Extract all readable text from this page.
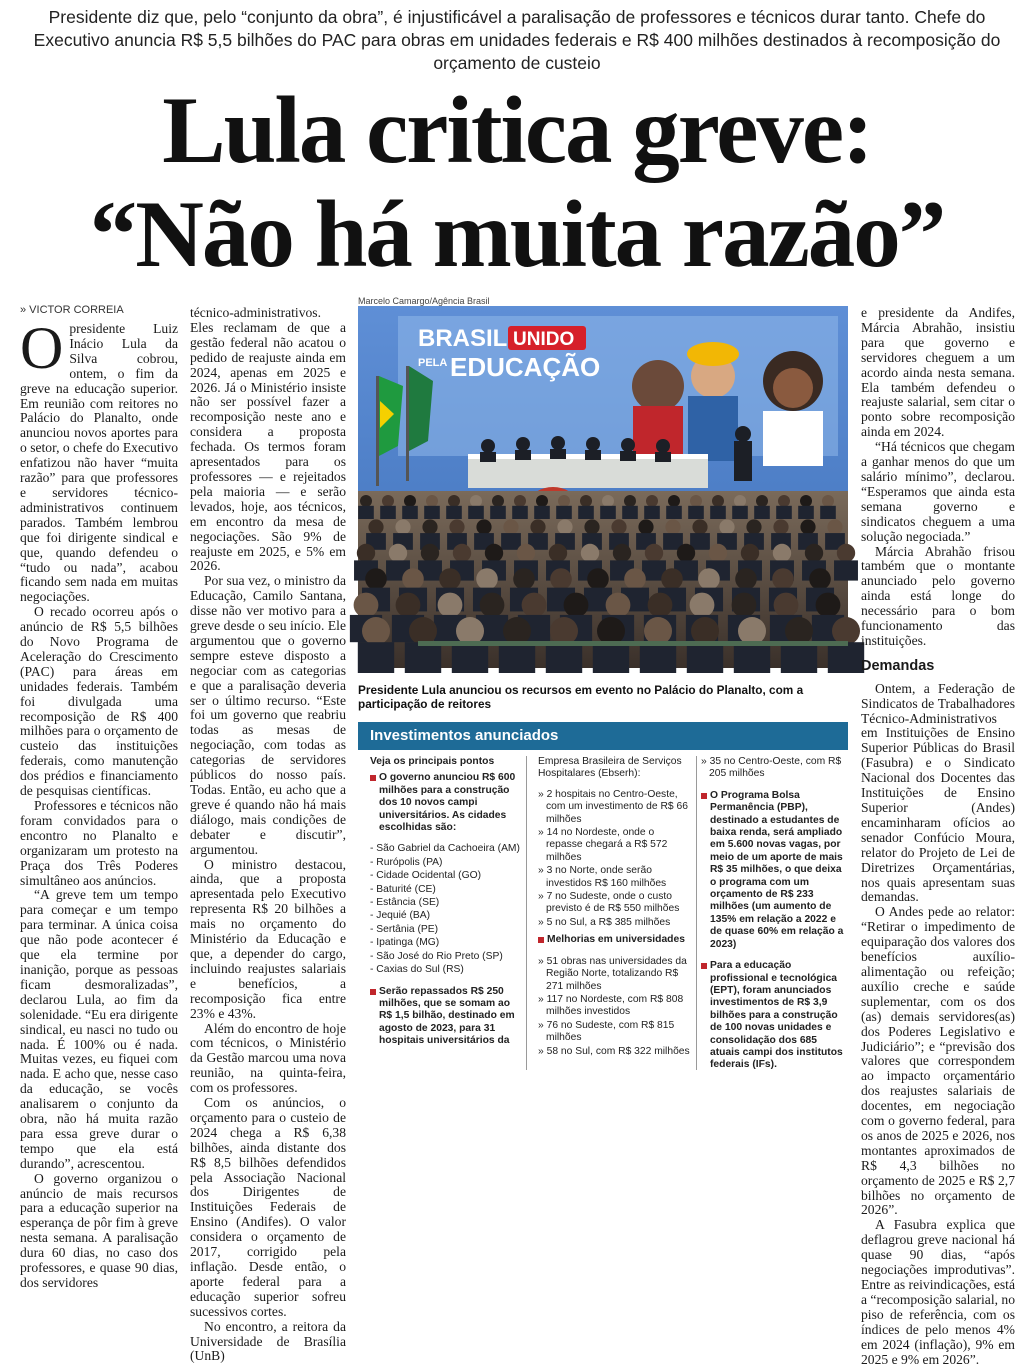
Presidente diz que, pelo “conjunto da obra”, é injustificável a paralisação de professores e técnicos durar tanto. Chefe do Executivo anuncia R$ 5,5 bilhões do PAC para obras em unidades federais e R$ 400 milhões destinados à recomposição do orçamento de custeio
Lula critica greve:
“Não há muita razão”
» VICTOR CORREIA

Opresidente Luiz Inácio Lula da Silva cobrou, ontem, o fim da greve na educação superior. Em reunião com reitores no Palácio do Planalto, onde anunciou novos aportes para o setor, o chefe do Executivo enfatizou não haver “muita razão” para que professores e servidores técnico-administrativos continuem parados. Também lembrou que foi dirigente sindical e que, quando defendeu o “tudo ou nada”, acabou ficando sem nada em muitas negociações.

O recado ocorreu após o anúncio de R$ 5,5 bilhões do Novo Programa de Aceleração do Crescimento (PAC) para áreas em unidades federais. Também foi divulgada uma recomposição de R$ 400 milhões para o orçamento de custeio das instituições federais, como manutenção dos prédios e financiamento de pesquisas científicas.

Professores e técnicos não foram convidados para o encontro no Planalto e organizaram um protesto na Praça dos Três Poderes simultâneo aos anúncios.

“A greve tem um tempo para começar e um tempo para terminar. A única coisa que não pode acontecer é que ela termine por inanição, porque as pessoas ficam desmoralizadas”, declarou Lula, ao fim da solenidade. “Eu era dirigente sindical, eu nasci no tudo ou nada. É 100% ou é nada. Muitas vezes, eu fiquei com nada. E acho que, nesse caso da educação, se vocês analisarem o conjunto da obra, não há muita razão para essa greve durar o tempo que ela está durando”, acrescentou.

O governo organizou o anúncio de mais recursos para a educação superior na esperança de pôr fim à greve nesta semana. A paralisação dura 60 dias, no caso dos professores, e quase 90 dias, dos servidores

técnico-administrativos. Eles reclamam de que a gestão federal não acatou o pedido de reajuste ainda em 2024, apenas em 2025 e 2026. Já o Ministério insiste não ser possível fazer a recomposição neste ano e considera a proposta fechada. Os termos foram apresentados para os professores — e rejeitados pela maioria — e serão levados, hoje, aos técnicos, em encontro da mesa de negociações. São 9% de reajuste em 2025, e 5% em 2026.

Por sua vez, o ministro da Educação, Camilo Santana, disse não ver motivo para a greve desde o seu início. Ele argumentou que o governo sempre esteve disposto a negociar com as categorias e que a paralisação deveria ser o último recurso. “Este foi um governo que reabriu todas as mesas de negociação, com todas as categorias de servidores públicos do nosso país. Todas. Então, eu acho que a greve é quando não há mais diálogo, mais condições de debater e discutir”, argumentou.

O ministro destacou, ainda, que a proposta apresentada pelo Executivo representa R$ 20 bilhões a mais no orçamento do Ministério da Educação e que, a depender do cargo, incluindo reajustes salariais e benefícios, a recomposição fica entre 23% e 43%.

Além do encontro de hoje com técnicos, o Ministério da Gestão marcou uma nova reunião, na quinta-feira, com os professores.

Com os anúncios, o orçamento para o custeio de 2024 chega a R$ 6,38 bilhões, ainda distante dos R$ 8,5 bilhões defendidos pela Associação Nacional dos Dirigentes de Instituições Federais de Ensino (Andifes). O valor considera o orçamento de 2017, corrigido pela inflação. Desde então, o aporte federal para a educação superior sofreu sucessivos cortes.

No encontro, a reitora da Universidade de Brasília (UnB)

Marcelo Camargo/Agência Brasil
BRASIL UNIDO
PELA EDUCAÇÃO
Presidente Lula anunciou os recursos em evento no Palácio do Planalto, com a participação de reitores
Investimentos anunciados
Veja os principais pontos
O governo anunciou R$ 600 milhões para a construção dos 10 novos campi universitários. As cidades escolhidas são:
- São Gabriel da Cachoeira (AM)
- Rurópolis (PA)
- Cidade Ocidental (GO)
- Baturité (CE)
- Estância (SE)
- Jequié (BA)
- Sertânia (PE)
- Ipatinga (MG)
- São José do Rio Preto (SP)
- Caxias do Sul (RS)
Serão repassados R$ 250 milhões, que se somam ao R$ 1,5 bilhão, destinado em agosto de 2023, para 31 hospitais universitários da
Empresa Brasileira de Serviços Hospitalares (Ebserh):
» 2 hospitais no Centro-Oeste, com um investimento de R$ 66 milhões
» 14 no Nordeste, onde o repasse chegará a R$ 572 milhões
» 3 no Norte, onde serão investidos R$ 160 milhões
» 7 no Sudeste, onde o custo previsto é de R$ 550 milhões
» 5 no Sul, a R$ 385 milhões
Melhorias em universidades
» 51 obras nas universidades da Região Norte, totalizando R$ 271 milhões
» 117 no Nordeste, com R$ 808 milhões investidos
» 76 no Sudeste, com R$ 815 milhões
» 58 no Sul, com R$ 322 milhões
» 35 no Centro-Oeste, com R$ 205 milhões
O Programa Bolsa Permanência (PBP), destinado a estudantes de baixa renda, será ampliado em 5.600 novas vagas, por meio de um aporte de mais R$ 35 milhões, o que deixa o programa com um orçamento de R$ 233 milhões (um aumento de 135% em relação a 2022 e de quase 60% em relação a 2023)
Para a educação profissional e tecnológica (EPT), foram anunciados investimentos de R$ 3,9 bilhões para a construção de 100 novas unidades e consolidação dos 685 atuais campi dos institutos federais (IFs).

e presidente da Andifes, Márcia Abrahão, insistiu para que governo e servidores cheguem a um acordo ainda nesta semana. Ela também defendeu o reajuste salarial, sem citar o ponto sobre recomposição ainda em 2024.

“Há técnicos que chegam a ganhar menos do que um salário mínimo”, declarou. “Esperamos que ainda esta semana governo e sindicatos cheguem a uma solução negociada.”

Márcia Abrahão frisou também que o montante anunciado pelo governo ainda está longe do necessário para o bom funcionamento das instituições.

Demandas

Ontem, a Federação de Sindicatos de Trabalhadores Técnico-Administrativos em Instituições de Ensino Superior Públicas do Brasil (Fasubra) e o Sindicato Nacional dos Docentes das Instituições de Ensino Superior (Andes) encaminharam ofícios ao senador Confúcio Moura, relator do Projeto de Lei de Diretrizes Orçamentárias, nos quais apresentam suas demandas.

O Andes pede ao relator: “Retirar o impedimento de equiparação dos valores dos benefícios auxílio-alimentação ou refeição; auxílio creche e saúde suplementar, com os dos (as) demais servidores(as) dos Poderes Legislativo e Judiciário”; e “previsão dos valores que correspondem ao impacto orçamentário dos reajustes salariais de docentes, em negociação com o governo federal, para os anos de 2025 e 2026, nos montantes aproximados de R$ 4,3 bilhões no orçamento de 2025 e R$ 2,7 bilhões no orçamento de 2026”.

A Fasubra explica que deflagrou greve nacional há quase 90 dias, “após negociações improdutivas”. Entre as reivindicações, está a “recomposição salarial, no piso de referência, com os índices de pelo menos 4% em 2024 (inflação), 9% em 2025 e 9% em 2026”.
